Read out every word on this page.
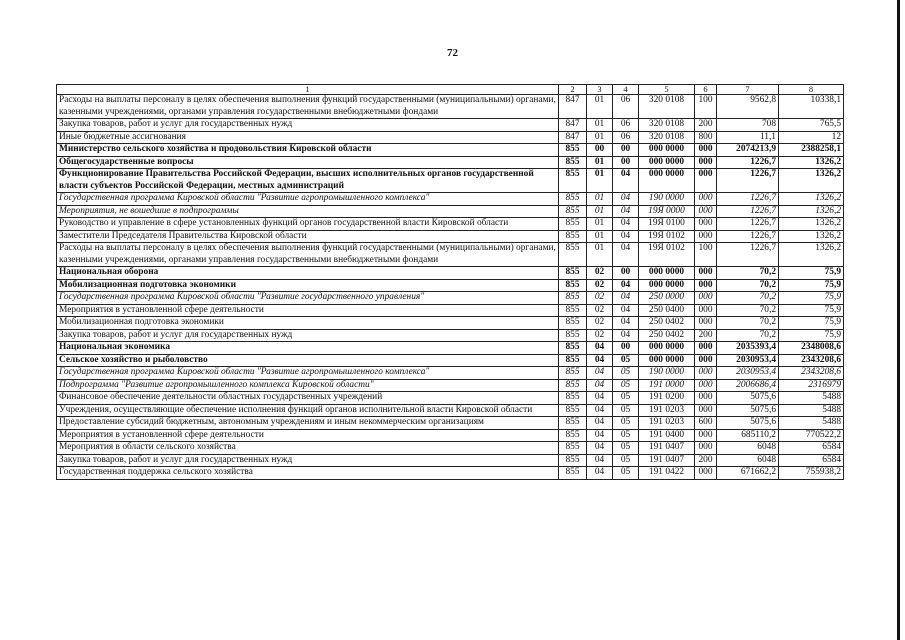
72
1	2	3	4	5	6	7	8
Расходы на выплаты персоналу в целях обеспечения выполнения функций государственными (муниципальными) органами, казенными учреждениями, органами управления государственными внебюджетными фондами	847	01	06	320 0108	100	9562,8	10338,1
Закупка товаров, работ и услуг для государственных нужд	847	01	06	320 0108	200	708	765,5
Иные бюджетные ассигнования	847	01	06	320 0108	800	11,1	12
Министерство сельского хозяйства и продовольствия Кировской области	855	00	00	000 0000	000	2074213,9	2388258,1
Общегосударственные вопросы	855	01	00	000 0000	000	1226,7	1326,2
Функционирование Правительства Российской Федерации, высших исполнительных органов государственной власти субъектов Российской Федерации, местных администраций	855	01	04	000 0000	000	1226,7	1326,2
Государственная программа Кировской области "Развитие агропромышленного комплекса"	855	01	04	190 0000	000	1226,7	1326,2
Мероприятия, не вошедшие в подпрограммы	855	01	04	19Я 0000	000	1226,7	1326,2
Руководство и управление в сфере установленных функций органов государственной власти Кировской области	855	01	04	19Я 0100	000	1226,7	1326,2
Заместители Председателя Правительства Кировской области	855	01	04	19Я 0102	000	1226,7	1326,2
Расходы на выплаты персоналу в целях обеспечения выполнения функций государственными (муниципальными) органами, казенными учреждениями, органами управления государственными внебюджетными фондами	855	01	04	19Я 0102	100	1226,7	1326,2
Национальная оборона	855	02	00	000 0000	000	70,2	75,9
Мобилизационная подготовка экономики	855	02	04	000 0000	000	70,2	75,9
Государственная программа Кировской области "Развитие государственного управления"	855	02	04	250 0000	000	70,2	75,9
Мероприятия в установленной сфере деятельности	855	02	04	250 0400	000	70,2	75,9
Мобилизационная подготовка экономики	855	02	04	250 0402	000	70,2	75,9
Закупка товаров, работ и услуг для государственных нужд	855	02	04	250 0402	200	70,2	75,9
Национальная экономика	855	04	00	000 0000	000	2035393,4	2348008,6
Сельское хозяйство и рыболовство	855	04	05	000 0000	000	2030953,4	2343208,6
Государственная программа Кировской области "Развитие агропромышленного комплекса"	855	04	05	190 0000	000	2030953,4	2343208,6
Подпрограмма "Развитие агропромышленного комплекса Кировской области"	855	04	05	191 0000	000	2006686,4	2316979
Финансовое обеспечение деятельности областных государственных учреждений	855	04	05	191 0200	000	5075,6	5488
Учреждения, осуществляющие обеспечение исполнения функций органов исполнительной власти Кировской области	855	04	05	191 0203	000	5075,6	5488
Предоставление субсидий бюджетным, автономным учреждениям и иным некоммерческим организациям	855	04	05	191 0203	600	5075,6	5488
Мероприятия в установленной сфере деятельности	855	04	05	191 0400	000	685110,2	770522,2
Мероприятия в области сельского хозяйства	855	04	05	191 0407	000	6048	6584
Закупка товаров, работ и услуг для государственных нужд	855	04	05	191 0407	200	6048	6584
Государственная поддержка сельского хозяйства	855	04	05	191 0422	000	671662,2	755938,2
